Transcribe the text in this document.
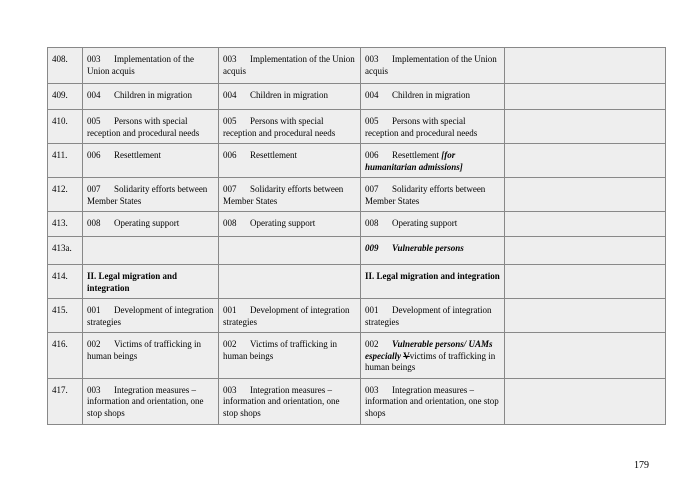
408.	003 Implementation of the Union acquis	003 Implementation of the Union acquis	003 Implementation of the Union acquis	
409.	004 Children in migration	004 Children in migration	004 Children in migration	
410.	005 Persons with special reception and procedural needs	005 Persons with special reception and procedural needs	005 Persons with special reception and procedural needs	
411.	006 Resettlement	006 Resettlement	006 Resettlement [for humanitarian admissions]	
412.	007 Solidarity efforts between Member States	007 Solidarity efforts between Member States	007 Solidarity efforts between Member States	
413.	008 Operating support	008 Operating support	008 Operating support	
413a.			009 Vulnerable persons	
414.	II. Legal migration and integration		II. Legal migration and integration	
415.	001 Development of integration strategies	001 Development of integration strategies	001 Development of integration strategies	
416.	002 Victims of trafficking in human beings	002 Victims of trafficking in human beings	002 Vulnerable persons/ UAMs especially Vvictims of trafficking in human beings	
417.	003 Integration measures – information and orientation, one stop shops	003 Integration measures – information and orientation, one stop shops	003 Integration measures – information and orientation, one stop shops	
179
